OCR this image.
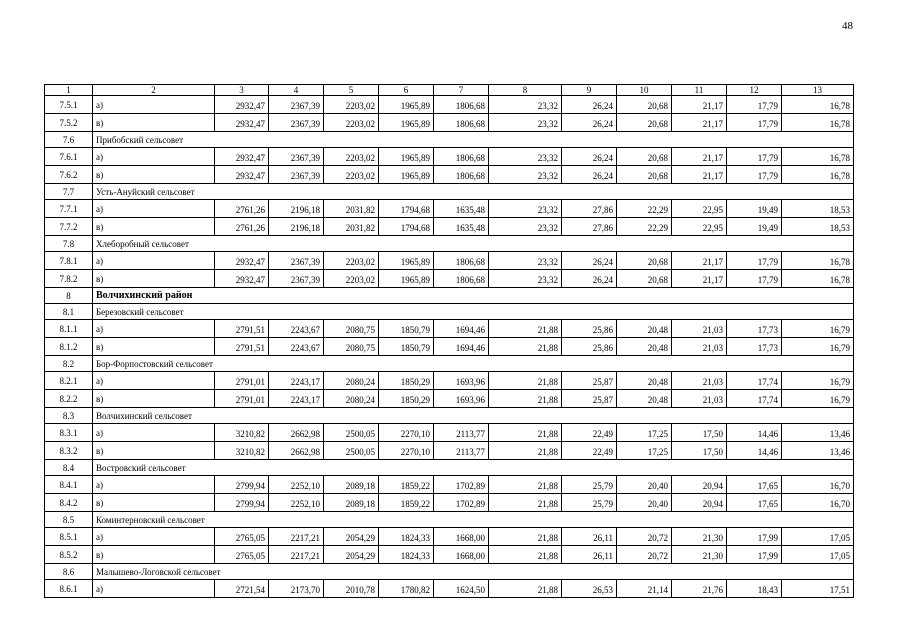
48
1	2	3	4	5	6	7	8	9	10	11	12	13
7.5.1	а)	2932,47	2367,39	2203,02	1965,89	1806,68	23,32	26,24	20,68	21,17	17,79	16,78
7.5.2	в)	2932,47	2367,39	2203,02	1965,89	1806,68	23,32	26,24	20,68	21,17	17,79	16,78
7.6	Прибобский сельсовет											
7.6.1	а)	2932,47	2367,39	2203,02	1965,89	1806,68	23,32	26,24	20,68	21,17	17,79	16,78
7.6.2	в)	2932,47	2367,39	2203,02	1965,89	1806,68	23,32	26,24	20,68	21,17	17,79	16,78
7.7	Усть-Ануйский сельсовет											
7.7.1	а)	2761,26	2196,18	2031,82	1794,68	1635,48	23,32	27,86	22,29	22,95	19,49	18,53
7.7.2	в)	2761,26	2196,18	2031,82	1794,68	1635,48	23,32	27,86	22,29	22,95	19,49	18,53
7.8	Хлеборобный сельсовет											
7.8.1	а)	2932,47	2367,39	2203,02	1965,89	1806,68	23,32	26,24	20,68	21,17	17,79	16,78
7.8.2	в)	2932,47	2367,39	2203,02	1965,89	1806,68	23,32	26,24	20,68	21,17	17,79	16,78
8	Волчихинский район											
8.1	Березовский сельсовет											
8.1.1	а)	2791,51	2243,67	2080,75	1850,79	1694,46	21,88	25,86	20,48	21,03	17,73	16,79
8.1.2	в)	2791,51	2243,67	2080,75	1850,79	1694,46	21,88	25,86	20,48	21,03	17,73	16,79
8.2	Бор-Форпостовский сельсовет											
8.2.1	а)	2791,01	2243,17	2080,24	1850,29	1693,96	21,88	25,87	20,48	21,03	17,74	16,79
8.2.2	в)	2791,01	2243,17	2080,24	1850,29	1693,96	21,88	25,87	20,48	21,03	17,74	16,79
8.3	Волчихинский сельсовет											
8.3.1	а)	3210,82	2662,98	2500,05	2270,10	2113,77	21,88	22,49	17,25	17,50	14,46	13,46
8.3.2	в)	3210,82	2662,98	2500,05	2270,10	2113,77	21,88	22,49	17,25	17,50	14,46	13,46
8.4	Востровский сельсовет											
8.4.1	а)	2799,94	2252,10	2089,18	1859,22	1702,89	21,88	25,79	20,40	20,94	17,65	16,70
8.4.2	в)	2799,94	2252,10	2089,18	1859,22	1702,89	21,88	25,79	20,40	20,94	17,65	16,70
8.5	Коминтерновский сельсовет											
8.5.1	а)	2765,05	2217,21	2054,29	1824,33	1668,00	21,88	26,11	20,72	21,30	17,99	17,05
8.5.2	в)	2765,05	2217,21	2054,29	1824,33	1668,00	21,88	26,11	20,72	21,30	17,99	17,05
8.6	Малышево-Логовской сельсовет											
8.6.1	а)	2721,54	2173,70	2010,78	1780,82	1624,50	21,88	26,53	21,14	21,76	18,43	17,51
